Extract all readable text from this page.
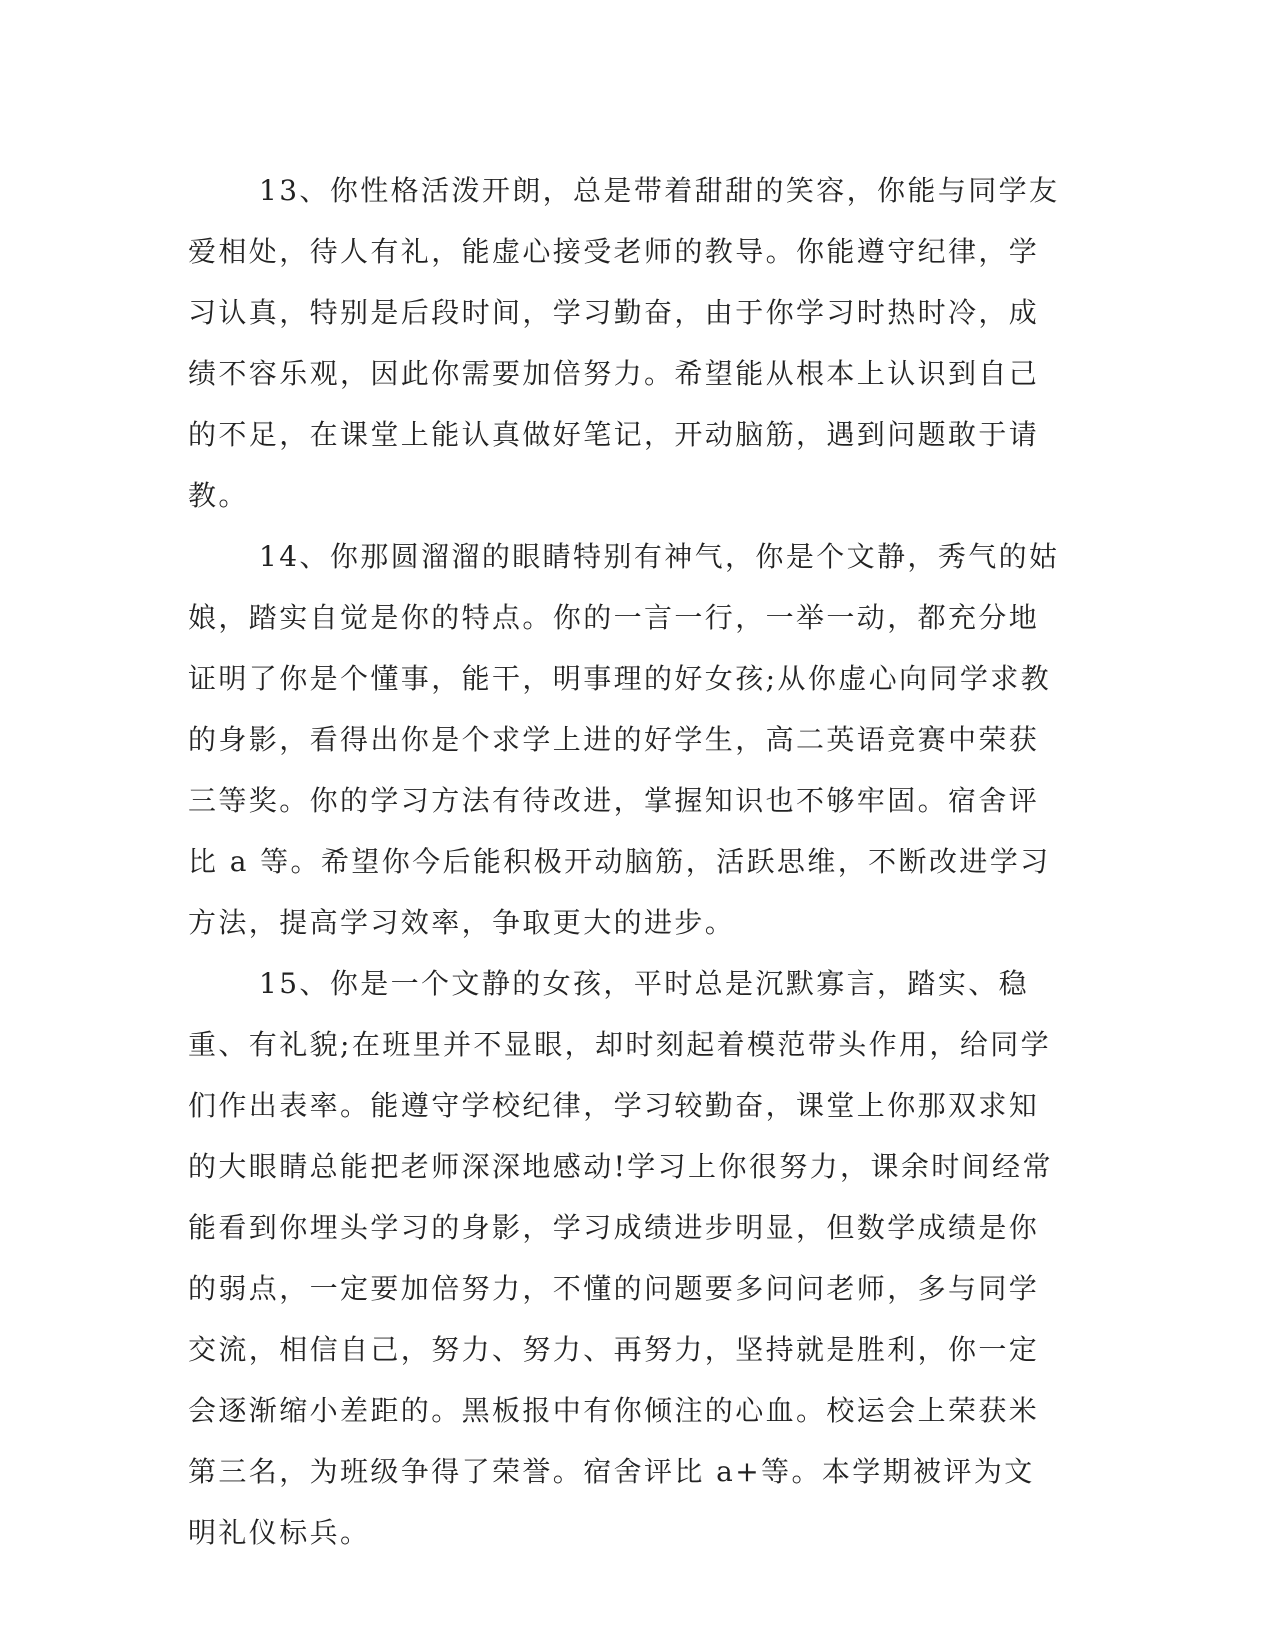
13、你性格活泼开朗，总是带着甜甜的笑容，你能与同学友爱相处，待人有礼，能虚心接受老师的教导。你能遵守纪律，学习认真，特别是后段时间，学习勤奋，由于你学习时热时冷，成绩不容乐观，因此你需要加倍努力。希望能从根本上认识到自己的不足，在课堂上能认真做好笔记，开动脑筋，遇到问题敢于请教。

14、你那圆溜溜的眼睛特别有神气，你是个文静，秀气的姑娘，踏实自觉是你的特点。你的一言一行，一举一动，都充分地证明了你是个懂事，能干，明事理的好女孩;从你虚心向同学求教的身影，看得出你是个求学上进的好学生，高二英语竞赛中荣获三等奖。你的学习方法有待改进，掌握知识也不够牢固。宿舍评比 a 等。希望你今后能积极开动脑筋，活跃思维，不断改进学习方法，提高学习效率，争取更大的进步。

15、你是一个文静的女孩，平时总是沉默寡言，踏实、稳重、有礼貌;在班里并不显眼，却时刻起着模范带头作用，给同学们作出表率。能遵守学校纪律，学习较勤奋，课堂上你那双求知的大眼睛总能把老师深深地感动!学习上你很努力，课余时间经常能看到你埋头学习的身影，学习成绩进步明显，但数学成绩是你的弱点，一定要加倍努力，不懂的问题要多问问老师，多与同学交流，相信自己，努力、努力、再努力，坚持就是胜利，你一定会逐渐缩小差距的。黑板报中有你倾注的心血。校运会上荣获米第三名，为班级争得了荣誉。宿舍评比 a+等。本学期被评为文明礼仪标兵。
